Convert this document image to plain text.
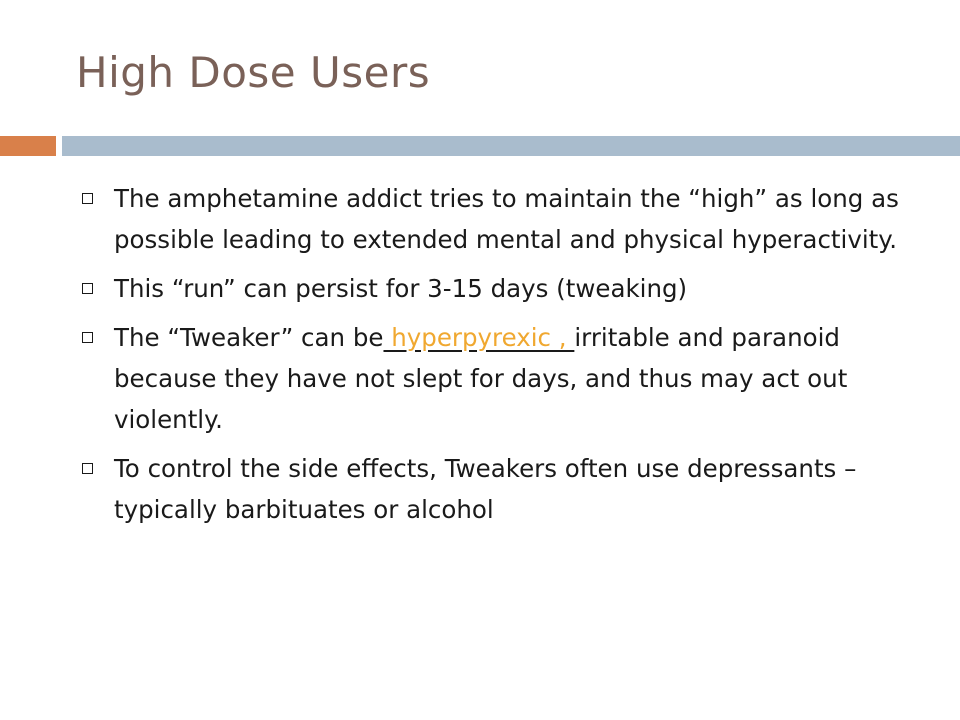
High Dose Users
The amphetamine addict tries to maintain the “high” as long as possible leading to extended mental and physical hyperactivity.
This “run” can persist for 3-15 days (tweaking)
The “Tweaker” can be hyperpyrexic , irritable and paranoid because they have not slept for days, and thus may act out violently.
To control the side effects, Tweakers often use depressants – typically barbituates or alcohol
